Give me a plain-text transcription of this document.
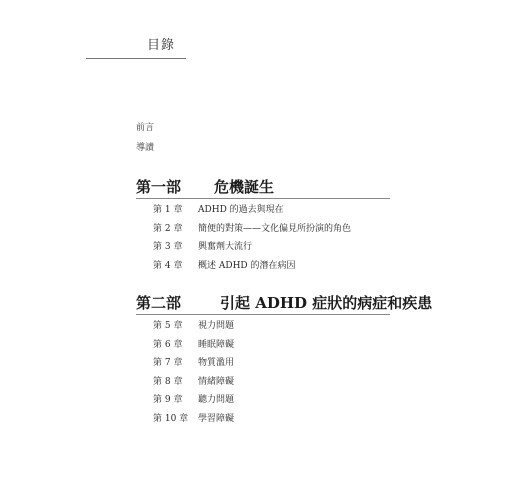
目錄
前言
導讀
第一部 危機誕生
第 1 章 ADHD 的過去與現在
第 2 章 簡便的對策——文化偏見所扮演的角色
第 3 章 興奮劑大流行
第 4 章 概述 ADHD 的潛在病因
第二部	引起 ADHD 症狀的病症和疾患
第 5 章 視力問題
第 6 章 睡眠障礙
第 7 章 物質濫用
第 8 章 情緒障礙
第 9 章 聽力問題
第 10 章 學習障礙
